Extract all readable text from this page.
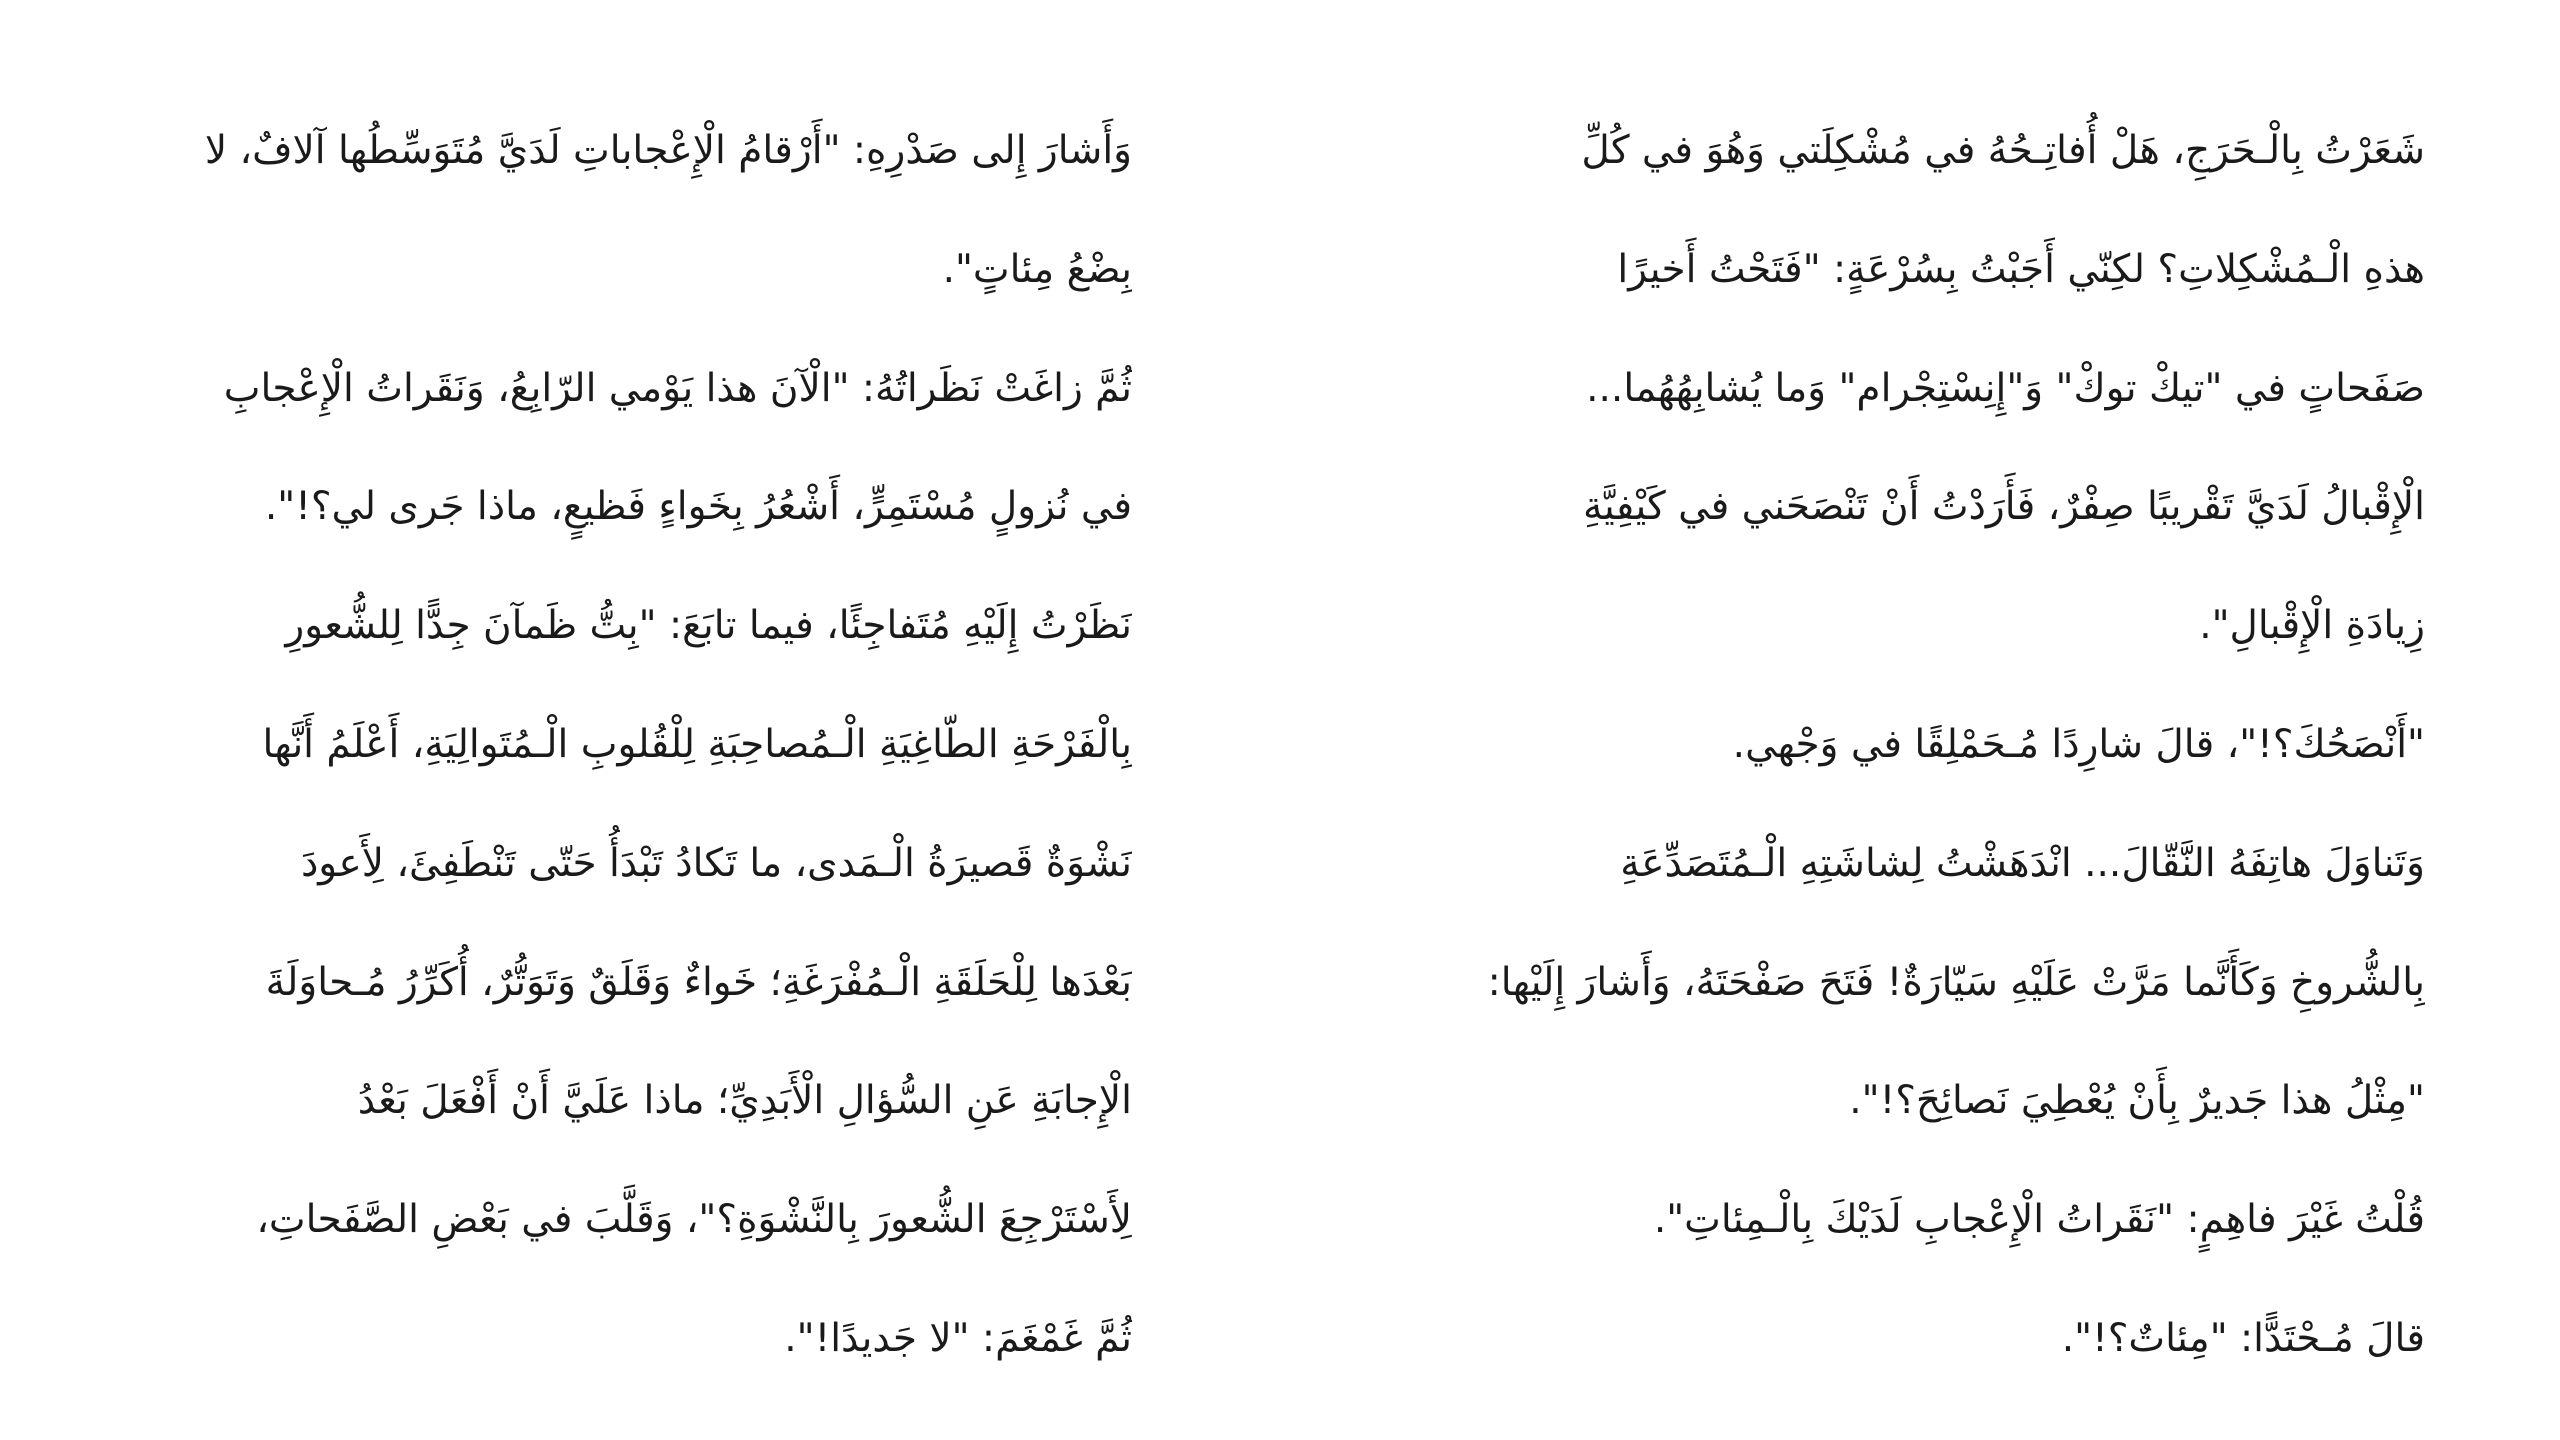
شَعَرْتُ بِالْـحَرَجِ، هَلْ أُفاتِـحُهُ في مُشْكِلَتي وَهُوَ في كُلِّ
هذهِ الْـمُشْكِلاتِ؟ لكِنّي أَجَبْتُ بِسُرْعَةٍ: "فَتَحْتُ أَخيرًا
صَفَحاتٍ في "تيكْ توكْ" وَ"إِنِسْتِجْرام" وَما يُشابِهُهُما...
الْإِقْبالُ لَدَيَّ تَقْريبًا صِفْرٌ، فَأَرَدْتُ أَنْ تَنْصَحَني في كَيْفِيَّةِ
زِيادَةِ الْإِقْبالِ".
"أَنْصَحُكَ؟!"، قالَ شارِدًا مُـحَمْلِقًا في وَجْهي.
وَتَناوَلَ هاتِفَهُ النَّقّالَ... انْدَهَشْتُ لِشاشَتِهِ الْـمُتَصَدِّعَةِ
بِالشُّروخِ وَكَأَنَّما مَرَّتْ عَلَيْهِ سَيّارَةٌ! فَتَحَ صَفْحَتَهُ، وَأَشارَ إِلَيْها:
"مِثْلُ هذا جَديرٌ بِأَنْ يُعْطِيَ نَصائِحَ؟!".
قُلْتُ غَيْرَ فاهِمٍ: "نَقَراتُ الْإِعْجابِ لَدَيْكَ بِالْـمِئاتِ".
قالَ مُـحْتَدًّا: "مِئاتٌ؟!".
وَأَشارَ إِلى صَدْرِهِ: "أَرْقامُ الْإِعْجاباتِ لَدَيَّ مُتَوَسِّطُها آلافٌ، لا
بِضْعُ مِئاتٍ".
ثُمَّ زاغَتْ نَظَراتُهُ: "الْآنَ هذا يَوْمي الرّابِعُ، وَنَقَراتُ الْإِعْجابِ
في نُزولٍ مُسْتَمِرٍّ، أَشْعُرُ بِخَواءٍ فَظيعٍ، ماذا جَرى لي؟!".
نَظَرْتُ إِلَيْهِ مُتَفاجِئًا، فيما تابَعَ: "بِتُّ ظَمآنَ جِدًّا لِلشُّعورِ
بِالْفَرْحَةِ الطّاغِيَةِ الْـمُصاحِبَةِ لِلْقُلوبِ الْـمُتَوالِيَةِ، أَعْلَمُ أَنَّها
نَشْوَةٌ قَصيرَةُ الْـمَدى، ما تَكادُ تَبْدَأُ حَتّى تَنْطَفِئَ، لِأَعودَ
بَعْدَها لِلْحَلَقَةِ الْـمُفْرَغَةِ؛ خَواءٌ وَقَلَقٌ وَتَوَتُّرٌ، أُكَرِّرُ مُـحاوَلَةَ
الْإِجابَةِ عَنِ السُّؤالِ الْأَبَدِيِّ؛ ماذا عَلَيَّ أَنْ أَفْعَلَ بَعْدُ
لِأَسْتَرْجِعَ الشُّعورَ بِالنَّشْوَةِ؟"، وَقَلَّبَ في بَعْضِ الصَّفَحاتِ،
ثُمَّ غَمْغَمَ: "لا جَديدًا!".
